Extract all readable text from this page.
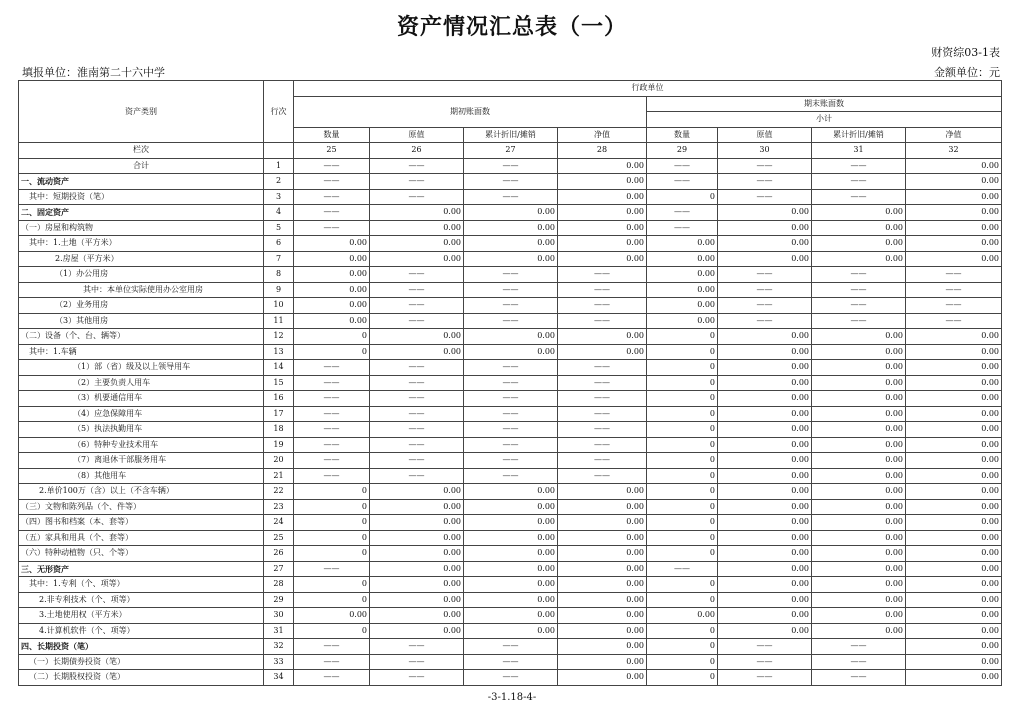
资产情况汇总表（一）
财资综03-1表
填报单位：淮南第二十六中学	金额单位：元
资产类别	行次	行政单位							
		期初账面数				期末账面数			
						小计			
		数量	原值	累计折旧/摊销	净值	数量	原值	累计折旧/摊销	净值
栏次		25	26	27	28	29	30	31	32
合计	1	——	——	——	0.00	——	——	——	0.00
一、流动资产	2	——	——	——	0.00	——	——	——	0.00
其中：短期投资（笔）	3	——	——	——	0.00	0	——	——	0.00
二、固定资产	4	——	0.00	0.00	0.00	——	0.00	0.00	0.00
（一）房屋和构筑物	5	——	0.00	0.00	0.00	——	0.00	0.00	0.00
其中：1.土地（平方米）	6	0.00	0.00	0.00	0.00	0.00	0.00	0.00	0.00
2.房屋（平方米）	7	0.00	0.00	0.00	0.00	0.00	0.00	0.00	0.00
（1）办公用房	8	0.00	——	——	——	0.00	——	——	——
其中：本单位实际使用办公室用房	9	0.00	——	——	——	0.00	——	——	——
（2）业务用房	10	0.00	——	——	——	0.00	——	——	——
（3）其他用房	11	0.00	——	——	——	0.00	——	——	——
（二）设备（个、台、辆等）	12	0	0.00	0.00	0.00	0	0.00	0.00	0.00
其中：1.车辆	13	0	0.00	0.00	0.00	0	0.00	0.00	0.00
（1）部（省）级及以上领导用车	14	——	——	——	——	0	0.00	0.00	0.00
（2）主要负责人用车	15	——	——	——	——	0	0.00	0.00	0.00
（3）机要通信用车	16	——	——	——	——	0	0.00	0.00	0.00
（4）应急保障用车	17	——	——	——	——	0	0.00	0.00	0.00
（5）执法执勤用车	18	——	——	——	——	0	0.00	0.00	0.00
（6）特种专业技术用车	19	——	——	——	——	0	0.00	0.00	0.00
（7）离退休干部服务用车	20	——	——	——	——	0	0.00	0.00	0.00
（8）其他用车	21	——	——	——	——	0	0.00	0.00	0.00
2.单价100万（含）以上（不含车辆）	22	0	0.00	0.00	0.00	0	0.00	0.00	0.00
（三）文物和陈列品（个、件等）	23	0	0.00	0.00	0.00	0	0.00	0.00	0.00
（四）图书和档案（本、套等）	24	0	0.00	0.00	0.00	0	0.00	0.00	0.00
（五）家具和用具（个、套等）	25	0	0.00	0.00	0.00	0	0.00	0.00	0.00
（六）特种动植物（只、个等）	26	0	0.00	0.00	0.00	0	0.00	0.00	0.00
三、无形资产	27	——	0.00	0.00	0.00	——	0.00	0.00	0.00
其中：1.专利（个、项等）	28	0	0.00	0.00	0.00	0	0.00	0.00	0.00
2.非专利技术（个、项等）	29	0	0.00	0.00	0.00	0	0.00	0.00	0.00
3.土地使用权（平方米）	30	0.00	0.00	0.00	0.00	0.00	0.00	0.00	0.00
4.计算机软件（个、项等）	31	0	0.00	0.00	0.00	0	0.00	0.00	0.00
四、长期投资（笔）	32	——	——	——	0.00	0	——	——	0.00
（一）长期债券投资（笔）	33	——	——	——	0.00	0	——	——	0.00
（二）长期股权投资（笔）	34	——	——	——	0.00	0	——	——	0.00
-3-1.18-4-
